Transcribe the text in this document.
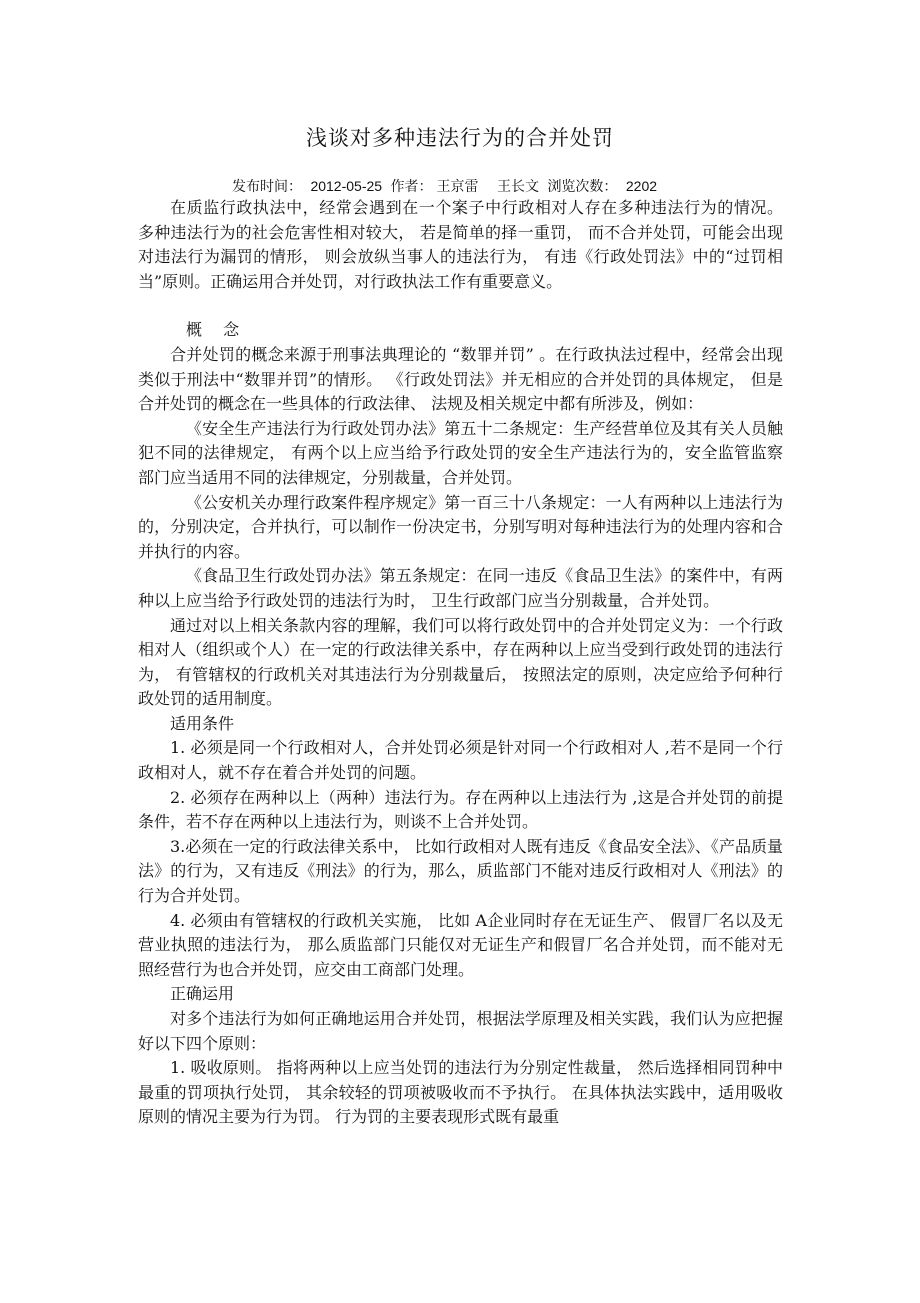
浅谈对多种违法行为的合并处罚
发布时间： 2012-05-25 作者： 王京雷　 王长文 浏览次数： 2202

在质监行政执法中，经常会遇到在一个案子中行政相对人存在多种违法行为的情况。 多种违法行为的社会危害性相对较大， 若是简单的择一重罚， 而不合并处罚，可能会出现对违法行为漏罚的情形， 则会放纵当事人的违法行为， 有违《行政处罚法》中的“过罚相当”原则。正确运用合并处罚，对行政执法工作有重要意义。

概　 念

合并处罚的概念来源于刑事法典理论的 “数罪并罚” 。在行政执法过程中，经常会出现类似于刑法中“数罪并罚”的情形。 《行政处罚法》并无相应的合并处罚的具体规定， 但是合并处罚的概念在一些具体的行政法律、 法规及相关规定中都有所涉及，例如：

《安全生产违法行为行政处罚办法》第五十二条规定：生产经营单位及其有关人员触犯不同的法律规定， 有两个以上应当给予行政处罚的安全生产违法行为的，安全监管监察部门应当适用不同的法律规定，分别裁量，合并处罚。

《公安机关办理行政案件程序规定》第一百三十八条规定：一人有两种以上违法行为的，分别决定，合并执行，可以制作一份决定书，分别写明对每种违法行为的处理内容和合并执行的内容。

《食品卫生行政处罚办法》第五条规定：在同一违反《食品卫生法》的案件中，有两种以上应当给予行政处罚的违法行为时， 卫生行政部门应当分别裁量，合并处罚。

通过对以上相关条款内容的理解，我们可以将行政处罚中的合并处罚定义为：一个行政相对人（组织或个人）在一定的行政法律关系中，存在两种以上应当受到行政处罚的违法行为， 有管辖权的行政机关对其违法行为分别裁量后， 按照法定的原则，决定应给予何种行政处罚的适用制度。

适用条件

1. 必须是同一个行政相对人，合并处罚必须是针对同一个行政相对人 ,若不是同一个行政相对人，就不存在着合并处罚的问题。

2. 必须存在两种以上（两种）违法行为。存在两种以上违法行为 ,这是合并处罚的前提条件，若不存在两种以上违法行为，则谈不上合并处罚。

3.必须在一定的行政法律关系中， 比如行政相对人既有违反《食品安全法》、《产品质量法》的行为，又有违反《刑法》的行为，那么，质监部门不能对违反行政相对人《刑法》的行为合并处罚。

4. 必须由有管辖权的行政机关实施， 比如 A企业同时存在无证生产、 假冒厂名以及无营业执照的违法行为， 那么质监部门只能仅对无证生产和假冒厂名合并处罚，而不能对无照经营行为也合并处罚，应交由工商部门处理。

正确运用

对多个违法行为如何正确地运用合并处罚，根据法学原理及相关实践，我们认为应把握好以下四个原则：

1. 吸收原则。 指将两种以上应当处罚的违法行为分别定性裁量， 然后选择相同罚种中最重的罚项执行处罚， 其余较轻的罚项被吸收而不予执行。 在具体执法实践中，适用吸收原则的情况主要为行为罚。 行为罚的主要表现形式既有最重
